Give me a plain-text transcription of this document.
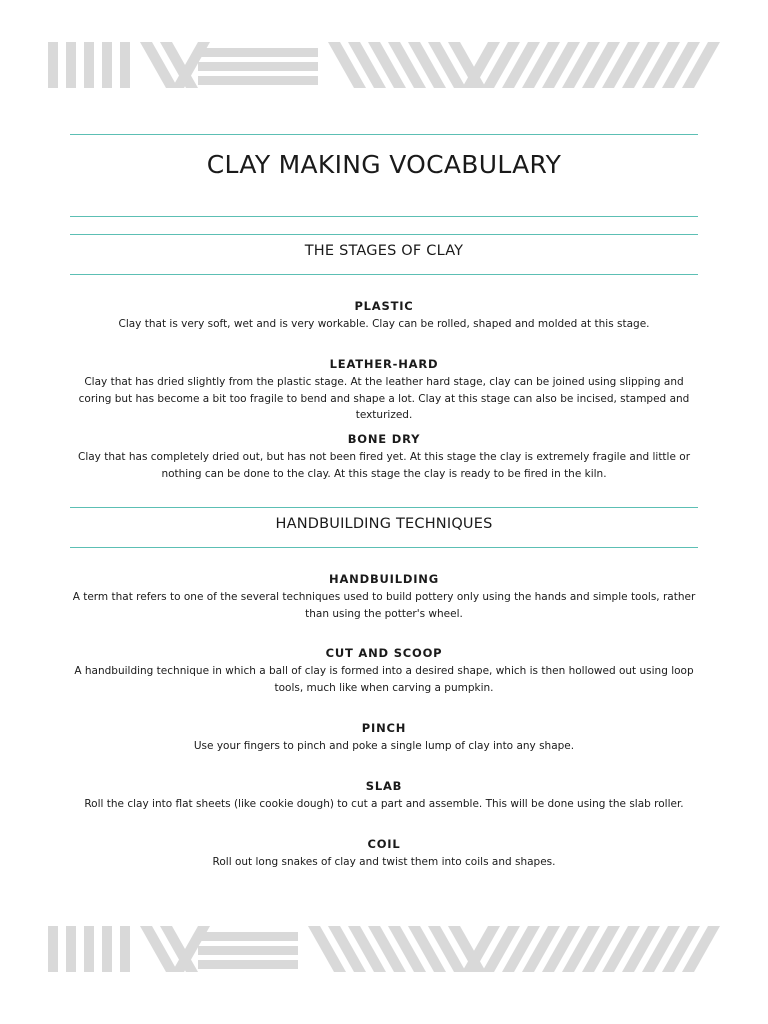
CLAY MAKING VOCABULARY
THE STAGES OF CLAY

PLASTIC

Clay that is very soft, wet and is very workable. Clay can be rolled, shaped and molded at this stage.

LEATHER-HARD

Clay that has dried slightly from the plastic stage. At the leather hard stage, clay can be joined using slipping and coring but has become a bit too fragile to bend and shape a lot. Clay at this stage can also be incised, stamped and texturized.

BONE DRY

Clay that has completely dried out, but has not been fired yet. At this stage the clay is extremely fragile and little or nothing can be done to the clay. At this stage the clay is ready to be fired in the kiln.

HANDBUILDING TECHNIQUES

HANDBUILDING

A term that refers to one of the several techniques used to build pottery only using the hands and simple tools, rather than using the potter's wheel.

CUT AND SCOOP

A handbuilding technique in which a ball of clay is formed into a desired shape, which is then hollowed out using loop tools, much like when carving a pumpkin.

PINCH

Use your fingers to pinch and poke a single lump of clay into any shape.

SLAB

Roll the clay into flat sheets (like cookie dough) to cut a part and assemble. This will be done using the slab roller.

COIL

Roll out long snakes of clay and twist them into coils and shapes.
